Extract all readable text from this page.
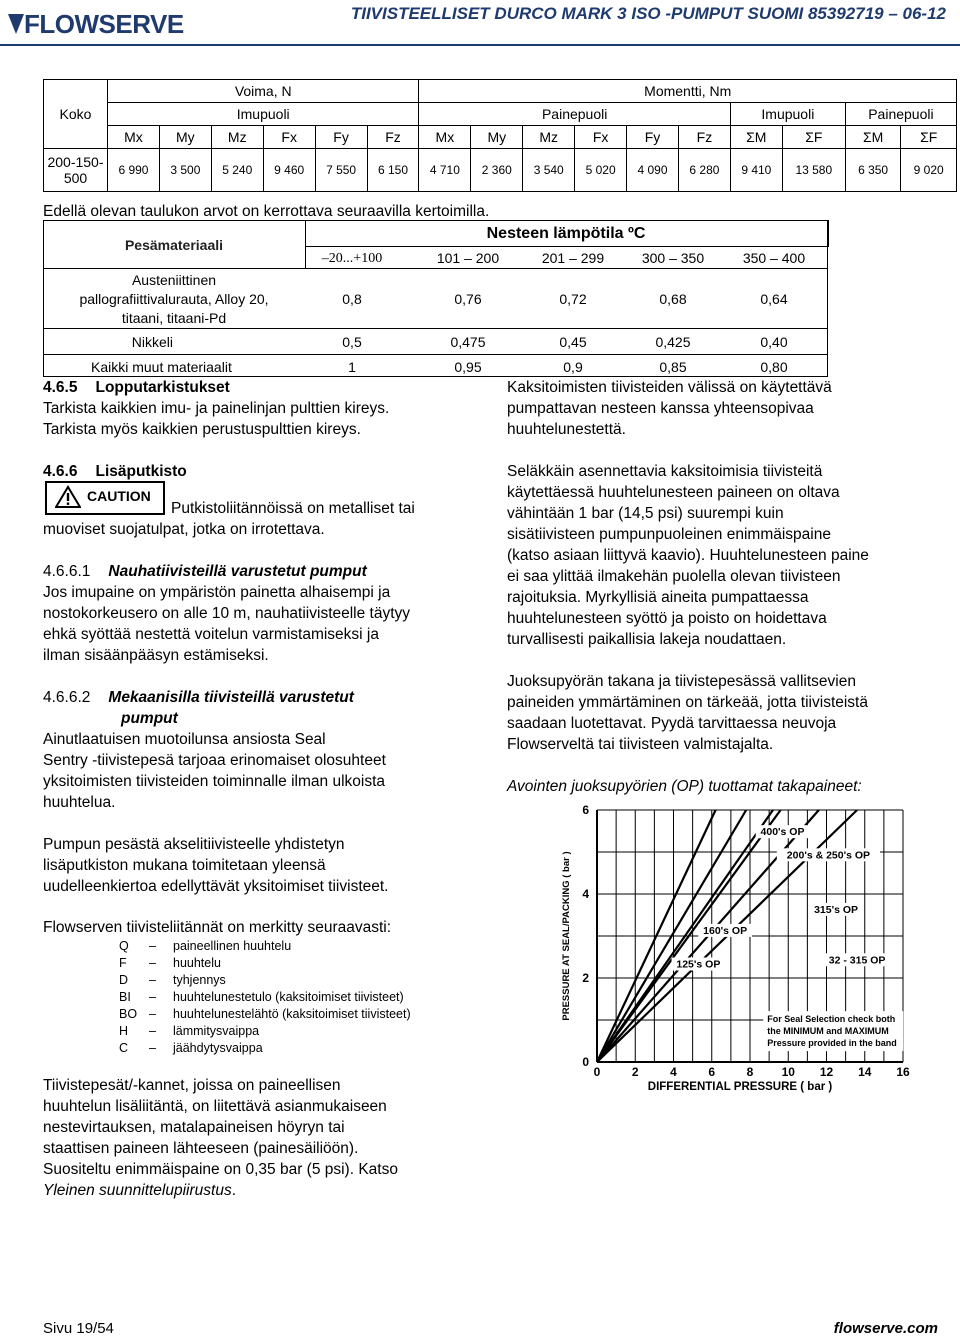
FLOWSERVE	TIIVISTEELLISET DURCO MARK 3 ISO -PUMPUT SUOMI 85392719 – 06-12
Koko	Voima, N						Momentti, Nm									
	Imupuoli						Painepuoli						Imupuoli		Painepuoli	
	Mx	My	Mz	Fx	Fy	Fz	Mx	My	Mz	Fx	Fy	Fz	ΣM	ΣF	ΣM	ΣF
200-150-500	6 990	3 500	5 240	9 460	7 550	6 150	4 710	2 360	3 540	5 020	4 090	6 280	9 410	13 580	6 350	9 020
Edellä olevan taulukon arvot on kerrottava seuraavilla kertoimilla.
Pesämateriaali
Nesteen lämpötila ºC
–20...+100	101 – 200	201 – 299	300 – 350	350 – 400
Austeniittinen
pallografiittivalurauta, Alloy 20,
titaani, titaani-Pd
0,8	0,76	0,72	0,68	0,64
Nikkeli	0,5	0,475	0,45	0,425	0,40
Kaikki muut materiaalit	1	0,95	0,9	0,85	0,80
4.6.5 Lopputarkistukset
Tarkista kaikkien imu- ja painelinjan pulttien kireys.
Tarkista myös kaikkien perustuspulttien kireys.
4.6.6 Lisäputkisto
CAUTION
Putkistoliitännöissä on metalliset tai
muoviset suojatulpat, jotka on irrotettava.
4.6.6.1 Nauhatiivisteillä varustetut pumput
Jos imupaine on ympäristön painetta alhaisempi ja
nostokorkeusero on alle 10 m, nauhatiivisteelle täytyy
ehkä syöttää nestettä voitelun varmistamiseksi ja
ilman sisäänpääsyn estämiseksi.
4.6.6.2 Mekaanisilla tiivisteillä varustetut
pumput
Ainutlaatuisen muotoilunsa ansiosta Seal
Sentry -tiivistepesä tarjoaa erinomaiset olosuhteet
yksitoimisten tiivisteiden toiminnalle ilman ulkoista
huuhtelua.
Pumpun pesästä akselitiivisteelle yhdistetyn
lisäputkiston mukana toimitetaan yleensä
uudelleenkiertoa edellyttävät yksitoimiset tiivisteet.
Flowserven tiivisteliitännät on merkitty seuraavasti:
Q	–	paineellinen huuhtelu
F	–	huuhtelu
D	–	tyhjennys
BI	–	huuhtelunestetulo (kaksitoimiset tiivisteet)
BO	–	huuhtelunestelähtö (kaksitoimiset tiivisteet)
H	–	lämmitysvaippa
C	–	jäähdytysvaippa
Tiivistepesät/-kannet, joissa on paineellisen
huuhtelun lisäliitäntä, on liitettävä asianmukaiseen
nestevirtauksen, matalapaineisen höyryn tai
staattisen paineen lähteeseen (painesäiliöön).
Suositeltu enimmäispaine on 0,35 bar (5 psi). Katso
Yleinen suunnittelupiirustus.
Kaksitoimisten tiivisteiden välissä on käytettävä
pumpattavan nesteen kanssa yhteensopivaa
huuhtelunestettä.
Seläkkäin asennettavia kaksitoimisia tiivisteitä
käytettäessä huuhtelunesteen paineen on oltava
vähintään 1 bar (14,5 psi) suurempi kuin
sisätiivisteen pumpunpuoleinen enimmäispaine
(katso asiaan liittyvä kaavio). Huuhtelunesteen paine
ei saa ylittää ilmakehän puolella olevan tiivisteen
rajoituksia. Myrkyllisiä aineita pumpattaessa
huuhtelunesteen syöttö ja poisto on hoidettava
turvallisesti paikallisia lakeja noudattaen.
Juoksupyörän takana ja tiivistepesässä vallitsevien
paineiden ymmärtäminen on tärkeää, jotta tiivisteistä
saadaan luotettavat. Pyydä tarvittaessa neuvoja
Flowserveltä tai tiivisteen valmistajalta.
Avointen juoksupyörien (OP) tuottamat takapaineet:
125's OP
160's OP
200's & 250's OP
315's OP
32 - 315 OP
400's OP
0	2	4	6	8 10 12 14 16
0
2
4
6
DIFFERENTIAL PRESSURE ( bar )
PRESSURE AT SEAL/PACKING ( bar )	For Seal Selection check both
the MINIMUM and MAXIMUM
Pressure provided in the band
Sivu 19/54	flowserve.com
